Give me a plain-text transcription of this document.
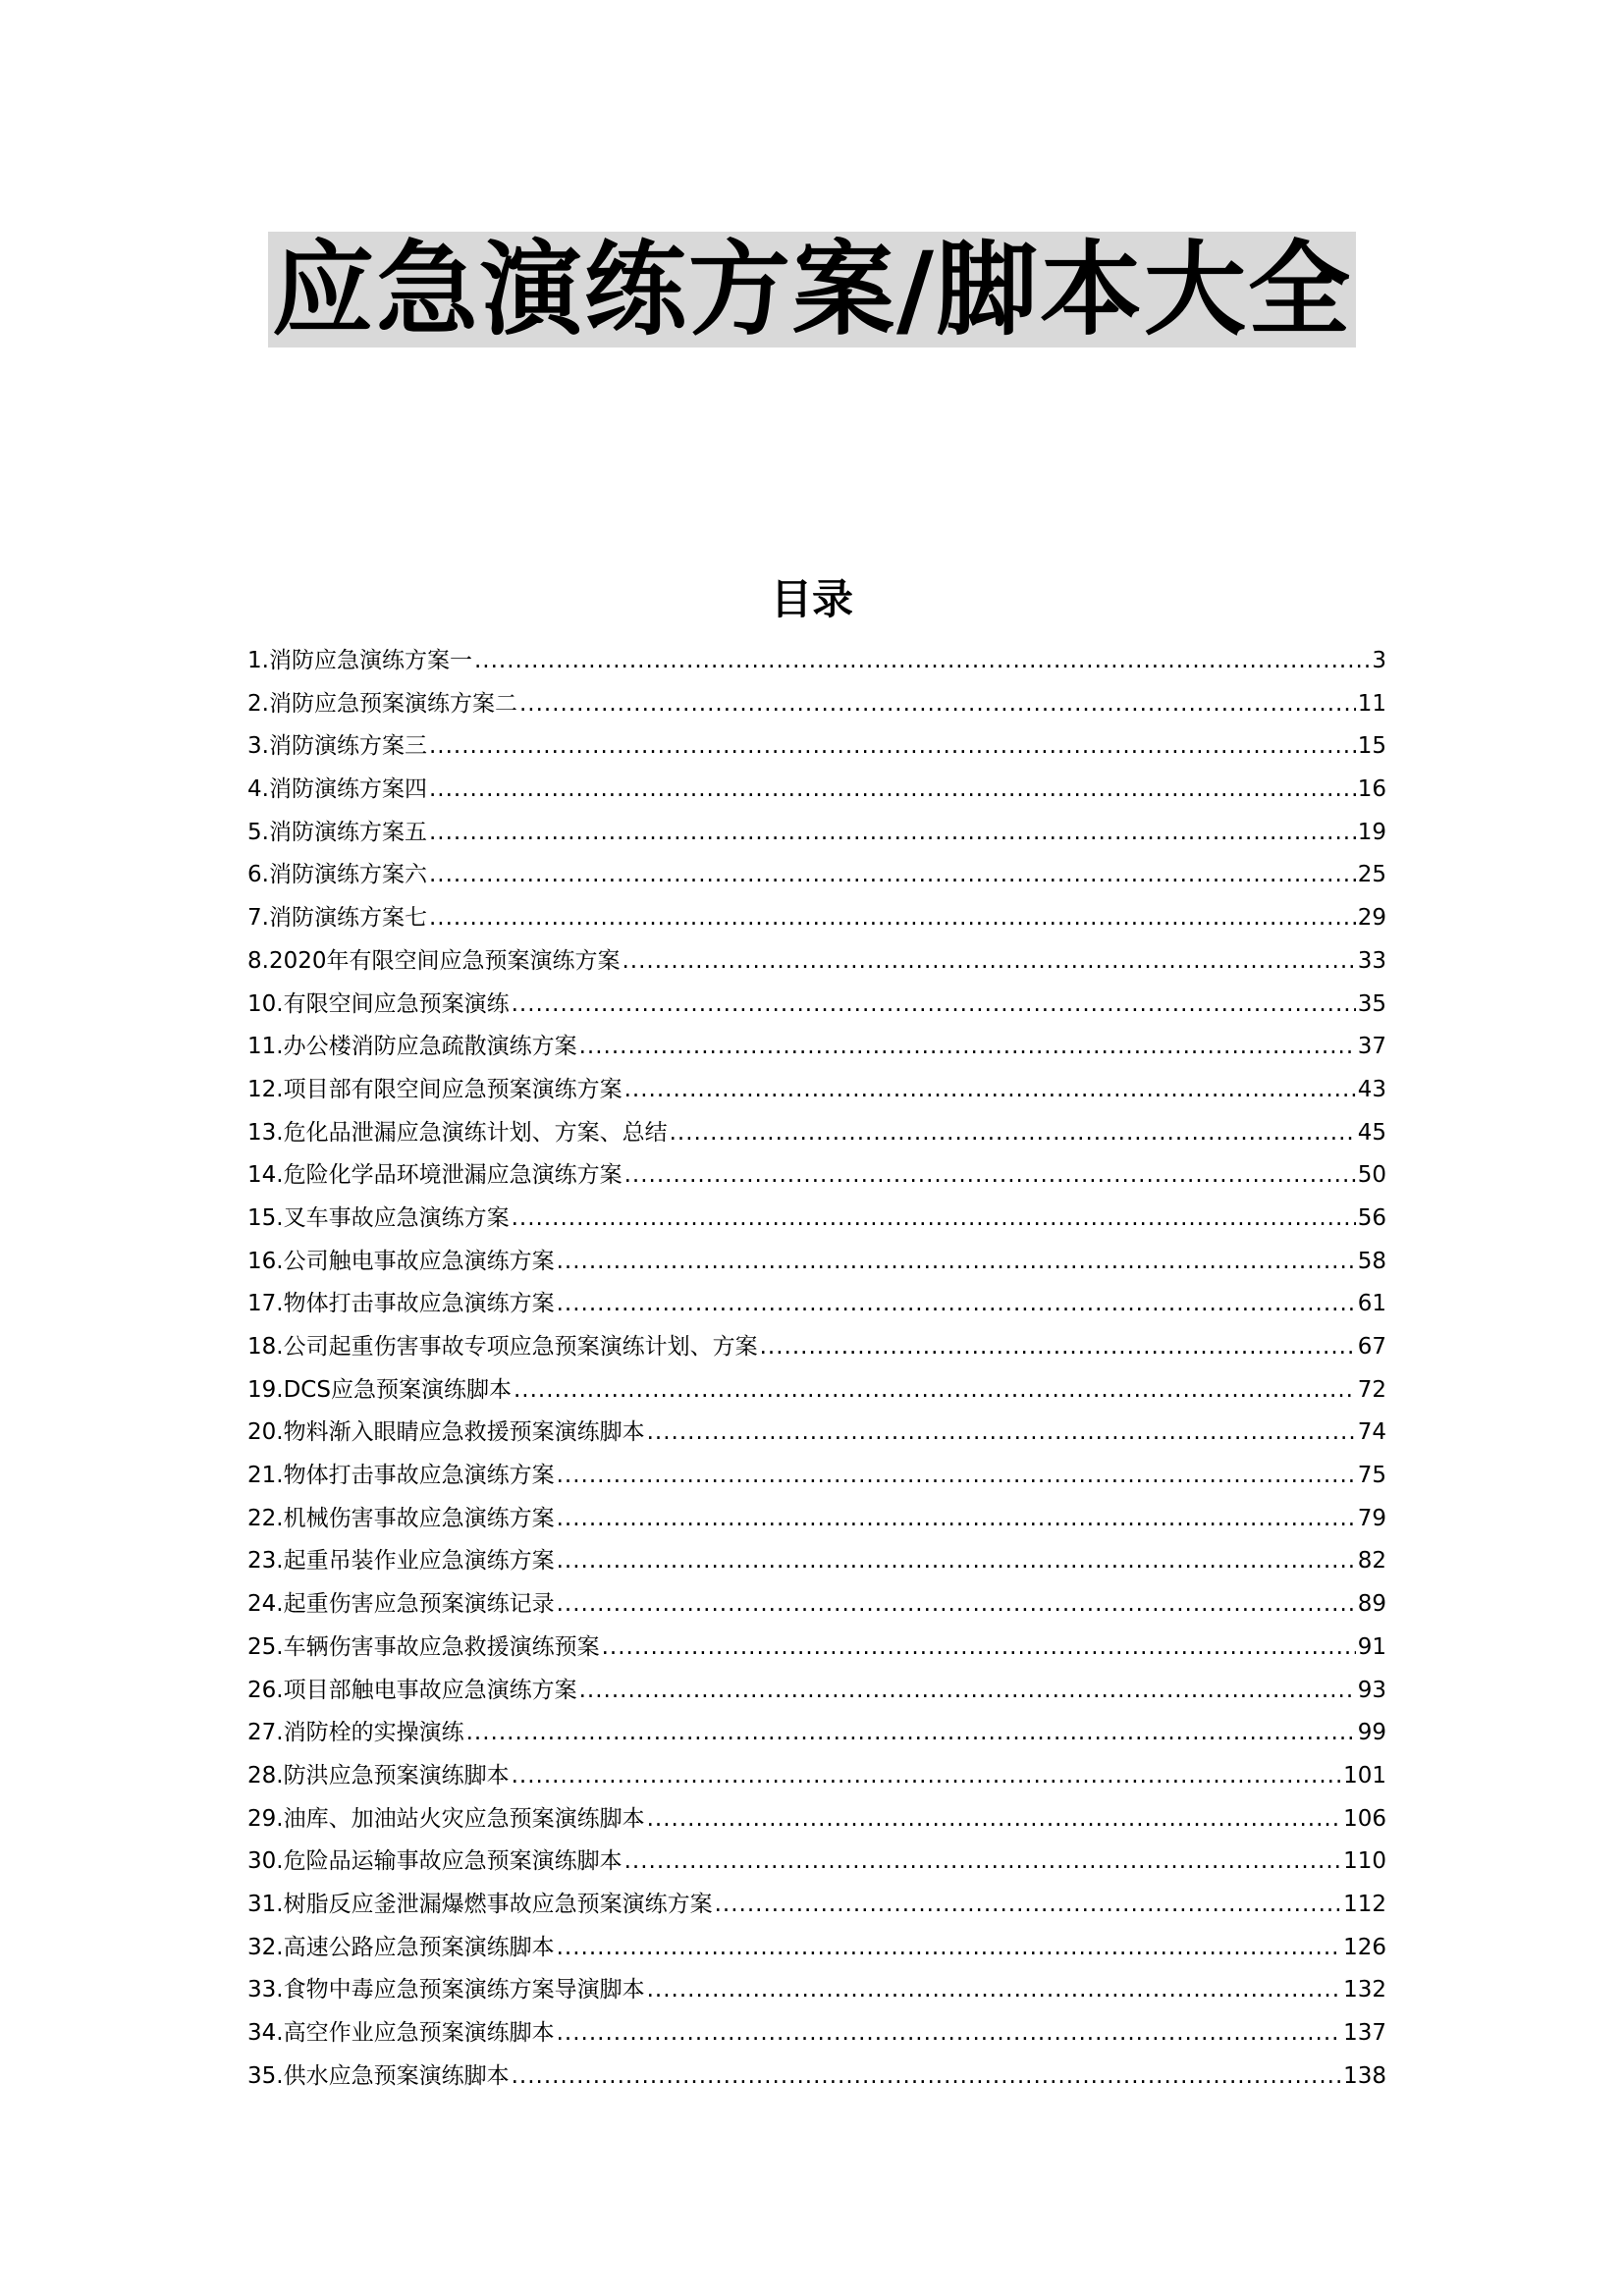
应急演练方案/脚本大全
目录
1.消防应急演练方案一 .....	3
2.消防应急预案演练方案二 .....	11
3.消防演练方案三 .....	15
4.消防演练方案四 .....	16
5.消防演练方案五 .....	19
6.消防演练方案六 .....	25
7.消防演练方案七 .....	29
8.2020年有限空间应急预案演练方案 .....	33
10.有限空间应急预案演练 .....	35
11.办公楼消防应急疏散演练方案 .....	37
12.项目部有限空间应急预案演练方案 .....	43
13.危化品泄漏应急演练计划、方案、总结 .....	45
14.危险化学品环境泄漏应急演练方案 .....	50
15.叉车事故应急演练方案 .....	56
16.公司触电事故应急演练方案 .....	58
17.物体打击事故应急演练方案 .....	61
18.公司起重伤害事故专项应急预案演练计划、方案 .....	67
19.DCS应急预案演练脚本 .....	72
20.物料渐入眼睛应急救援预案演练脚本 .....	74
21.物体打击事故应急演练方案 .....	75
22.机械伤害事故应急演练方案 .....	79
23.起重吊装作业应急演练方案 .....	82
24.起重伤害应急预案演练记录 .....	89
25.车辆伤害事故应急救援演练预案 .....	91
26.项目部触电事故应急演练方案 .....	93
27.消防栓的实操演练 .....	99
28.防洪应急预案演练脚本 .....	101
29.油库、加油站火灾应急预案演练脚本 .....	106
30.危险品运输事故应急预案演练脚本 .....	110
31.树脂反应釜泄漏爆燃事故应急预案演练方案 .....	112
32.高速公路应急预案演练脚本 .....	126
33.食物中毒应急预案演练方案导演脚本 .....	132
34.高空作业应急预案演练脚本 .....	137
35.供水应急预案演练脚本 .....	138
